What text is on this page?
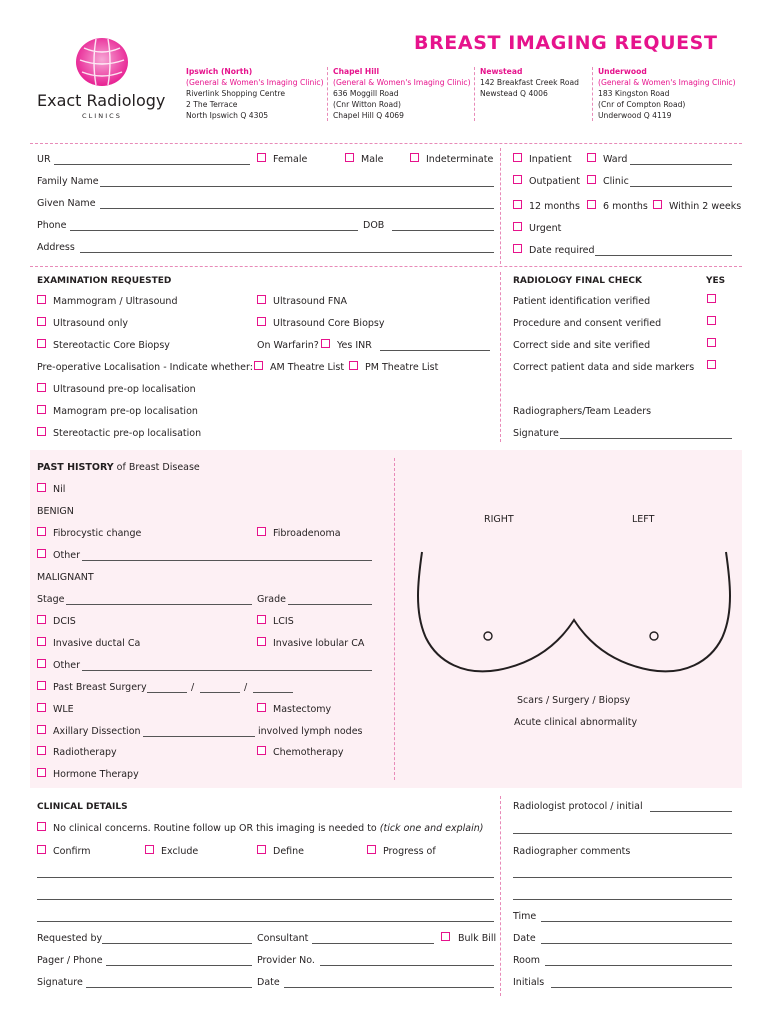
Exact Radiology
C L I N I C S
BREAST IMAGING REQUEST
Ipswich (North)
(General & Women's Imaging Clinic)
Riverlink Shopping Centre
2 The Terrace
North Ipswich Q 4305
Chapel Hill
(General & Women's Imaging Clinic)
636 Moggill Road
(Cnr Witton Road)
Chapel Hill Q 4069
Newstead
142 Breakfast Creek Road
Newstead Q 4006
Underwood
(General & Women's Imaging Clinic)
183 Kingston Road
(Cnr of Compton Road)
Underwood Q 4119
UR	Female	Male	Indeterminate
Family Name
Given Name
Phone	DOB
Address
Inpatient	Ward
Outpatient Clinic
12 months 6 months Within 2 weeks
Urgent
Date required
EXAMINATION REQUESTED
Mammogram / Ultrasound	Ultrasound FNA
Ultrasound only	Ultrasound Core Biopsy
Stereotactic Core Biopsy	On Warfarin? Yes INR
Pre-operative Localisation - Indicate whether: AM Theatre List PM Theatre List
Ultrasound pre-op localisation
Mamogram pre-op localisation
Stereotactic pre-op localisation
RADIOLOGY FINAL CHECK	YES
Patient identification verified
Procedure and consent verified
Correct side and site verified
Correct patient data and side markers
Radiographers/Team Leaders
Signature
PAST HISTORY of Breast Disease
Nil
BENIGN
Fibrocystic change	Fibroadenoma
Other
MALIGNANT
Stage	Grade
DCIS	LCIS
Invasive ductal Ca	Invasive lobular CA
Other
Past Breast Surgery	/	/
WLE	Mastectomy
Axillary Dissection	involved lymph nodes
Radiotherapy	Chemotherapy
Hormone Therapy
RIGHT	LEFT
Scars / Surgery / Biopsy
Acute clinical abnormality
CLINICAL DETAILS
No clinical concerns. Routine follow up OR this imaging is needed to (tick one and explain)
Confirm	Exclude	Define	Progress of
Requested by	Consultant	Bulk Bill
Pager / Phone	Provider No.
Signature	Date
Radiologist protocol / initial
Radiographer comments
Time
Date
Room
Initials
